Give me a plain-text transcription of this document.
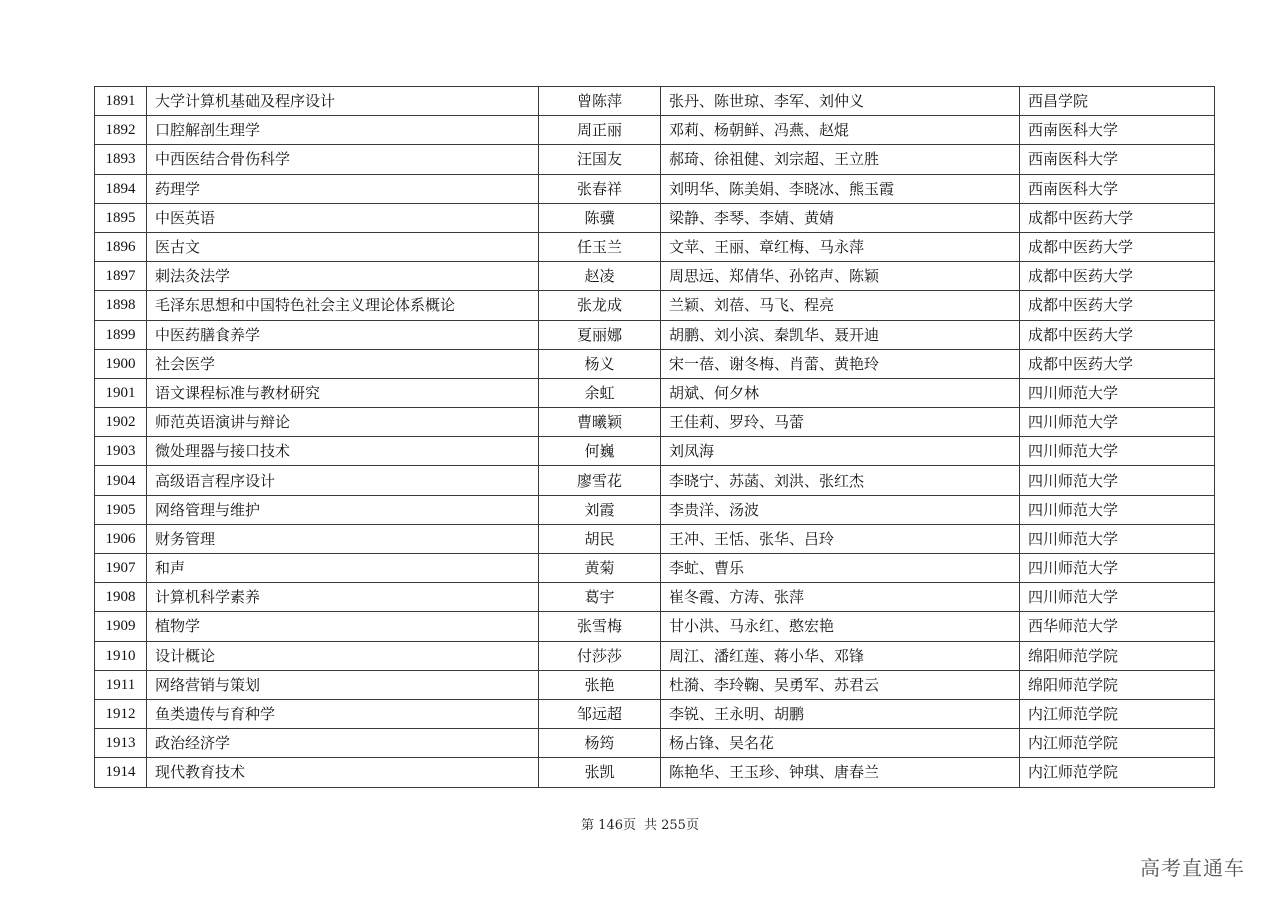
1891	大学计算机基础及程序设计	曾陈萍	张丹、陈世琼、李军、刘仲义	西昌学院
1892	口腔解剖生理学	周正丽	邓莉、杨朝鲜、冯燕、赵焜	西南医科大学
1893	中西医结合骨伤科学	汪国友	郝琦、徐祖健、刘宗超、王立胜	西南医科大学
1894	药理学	张春祥	刘明华、陈美娟、李晓冰、熊玉霞	西南医科大学
1895	中医英语	陈骥	梁静、李琴、李婧、黄婧	成都中医药大学
1896	医古文	任玉兰	文苹、王丽、章红梅、马永萍	成都中医药大学
1897	刺法灸法学	赵凌	周思远、郑倩华、孙铭声、陈颖	成都中医药大学
1898	毛泽东思想和中国特色社会主义理论体系概论	张龙成	兰颖、刘蓓、马飞、程亮	成都中医药大学
1899	中医药膳食养学	夏丽娜	胡鹏、刘小滨、秦凯华、聂开迪	成都中医药大学
1900	社会医学	杨义	宋一蓓、谢冬梅、肖蕾、黄艳玲	成都中医药大学
1901	语文课程标准与教材研究	余虹	胡斌、何夕林	四川师范大学
1902	师范英语演讲与辩论	曹曦颖	王佳莉、罗玲、马蕾	四川师范大学
1903	微处理器与接口技术	何巍	刘凤海	四川师范大学
1904	高级语言程序设计	廖雪花	李晓宁、苏菡、刘洪、张红杰	四川师范大学
1905	网络管理与维护	刘霞	李贵洋、汤波	四川师范大学
1906	财务管理	胡民	王冲、王恬、张华、吕玲	四川师范大学
1907	和声	黄菊	李虻、曹乐	四川师范大学
1908	计算机科学素养	葛宇	崔冬霞、方涛、张萍	四川师范大学
1909	植物学	张雪梅	甘小洪、马永红、憨宏艳	西华师范大学
1910	设计概论	付莎莎	周江、潘红莲、蒋小华、邓锋	绵阳师范学院
1911	网络营销与策划	张艳	杜漪、李玲鞠、吴勇军、苏君云	绵阳师范学院
1912	鱼类遗传与育种学	邹远超	李锐、王永明、胡鹏	内江师范学院
1913	政治经济学	杨筠	杨占锋、吴名花	内江师范学院
1914	现代教育技术	张凯	陈艳华、王玉珍、钟琪、唐春兰	内江师范学院
第 146页 共 255页
高考直通车
